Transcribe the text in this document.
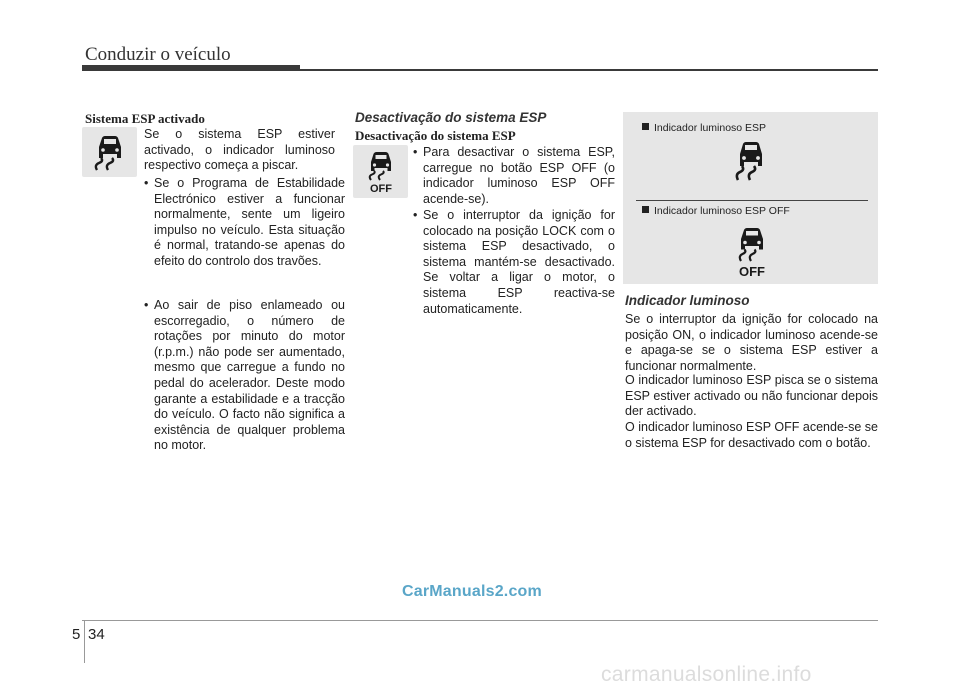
Conduzir o veículo
Sistema ESP activado

Se o sistema ESP estiver activado, o indicador luminoso respectivo começa a piscar.

• Se o Programa de Estabilidade Electrónico estiver a funcionar normalmente, sente um ligeiro impulso no veículo. Esta situação é normal, tratando-se apenas do efeito do controlo dos travões.

• Ao sair de piso enlameado ou escorregadio, o número de rotações por minuto do motor (r.p.m.) não pode ser aumentado, mesmo que carregue a fundo no pedal do acelerador. Deste modo garante a estabilidade e a tracção do veículo. O facto não significa a existência de qualquer problema no motor.

Desactivação do sistema ESP
Desactivação do sistema ESP
OFF

• Para desactivar o sistema ESP, carregue no botão ESP OFF (o indicador luminoso ESP OFF acende-se).

• Se o interruptor da ignição for colocado na posição LOCK com o sistema ESP desactivado, o sistema mantém-se desactivado. Se voltar a ligar o motor, o sistema ESP reactiva-se automaticamente.

Indicador luminoso ESP
Indicador luminoso ESP OFF
OFF
Indicador luminoso

Se o interruptor da ignição for colocado na posição ON, o indicador luminoso acende-se e apaga-se se o sistema ESP estiver a funcionar normalmente.

O indicador luminoso ESP pisca se o sistema ESP estiver activado ou não funcionar depois der activado.

O indicador luminoso ESP OFF acende-se se o sistema ESP for desactivado com o botão.

CarManuals2.com
5 34
carmanualsonline.info
